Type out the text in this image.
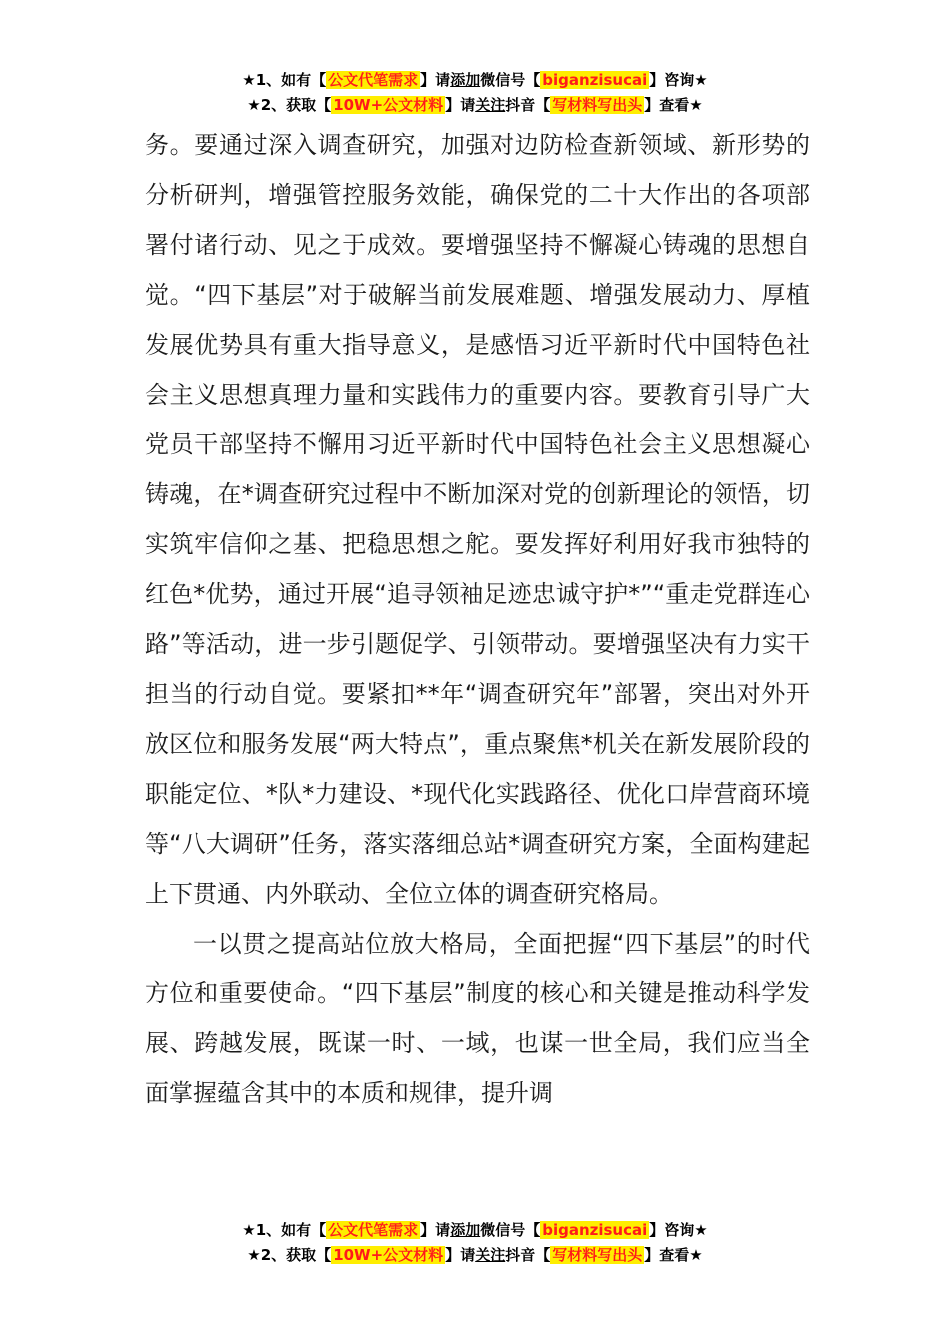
★1、如有【 公文代笔需求 】请添加微信号【 biganzisucai 】咨询★
★2、获取【 10W+公文材料 】请关注抖音【 写材料写出头 】查看★

务。要通过深入调查研究，加强对边防检查新领域、新形势的分析研判，增强管控服务效能，确保党的二十大作出的各项部署付诸行动、见之于成效。要增强坚持不懈凝心铸魂的思想自觉。“四下基层”对于破解当前发展难题、增强发展动力、厚植发展优势具有重大指导意义，是感悟习近平新时代中国特色社会主义思想真理力量和实践伟力的重要内容。要教育引导广大党员干部坚持不懈用习近平新时代中国特色社会主义思想凝心铸魂，在*调查研究过程中不断加深对党的创新理论的领悟，切实筑牢信仰之基、把稳思想之舵。要发挥好利用好我市独特的红色*优势，通过开展“追寻领袖足迹忠诚守护*”“重走党群连心路”等活动，进一步引题促学、引领带动。要增强坚决有力实干担当的行动自觉。要紧扣**年“调查研究年”部署，突出对外开放区位和服务发展“两大特点”，重点聚焦*机关在新发展阶段的职能定位、*队*力建设、*现代化实践路径、优化口岸营商环境等“八大调研”任务，落实落细总站*调查研究方案，全面构建起上下贯通、内外联动、全位立体的调查研究格局。

一以贯之提高站位放大格局，全面把握“四下基层”的时代方位和重要使命。“四下基层”制度的核心和关键是推动科学发展、跨越发展，既谋一时、一域，也谋一世全局，我们应当全面掌握蕴含其中的本质和规律，提升调

★1、如有【 公文代笔需求 】请添加微信号【 biganzisucai 】咨询★
★2、获取【 10W+公文材料 】请关注抖音【 写材料写出头 】查看★
